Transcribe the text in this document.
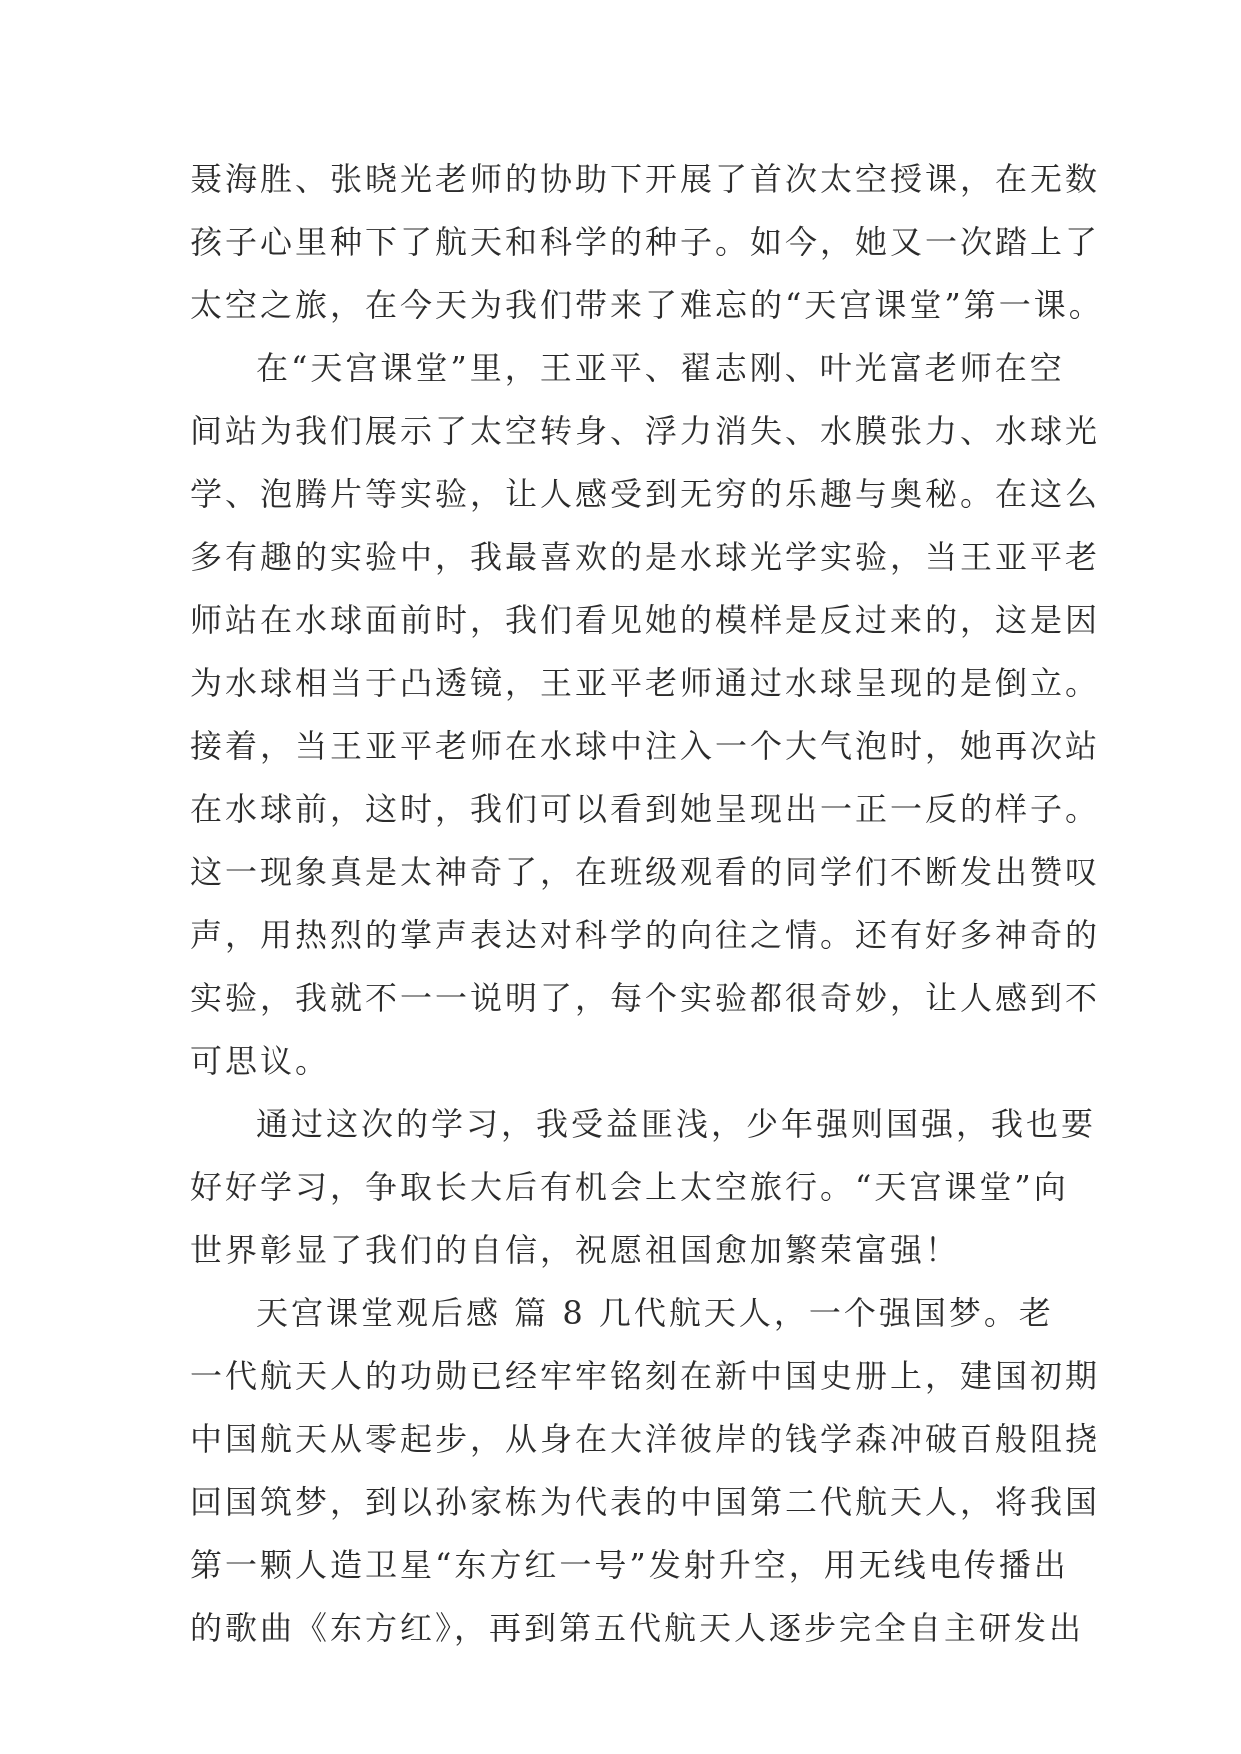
聂海胜、张晓光老师的协助下开展了首次太空授课，在无数
孩子心里种下了航天和科学的种子。如今，她又一次踏上了
太空之旅，在今天为我们带来了难忘的“天宫课堂”第一课。
在“天宫课堂”里，王亚平、翟志刚、叶光富老师在空
间站为我们展示了太空转身、浮力消失、水膜张力、水球光
学、泡腾片等实验，让人感受到无穷的乐趣与奥秘。在这么
多有趣的实验中，我最喜欢的是水球光学实验，当王亚平老
师站在水球面前时，我们看见她的模样是反过来的，这是因
为水球相当于凸透镜，王亚平老师通过水球呈现的是倒立。
接着，当王亚平老师在水球中注入一个大气泡时，她再次站
在水球前，这时，我们可以看到她呈现出一正一反的样子。
这一现象真是太神奇了，在班级观看的同学们不断发出赞叹
声，用热烈的掌声表达对科学的向往之情。还有好多神奇的
实验，我就不一一说明了，每个实验都很奇妙，让人感到不
可思议。
通过这次的学习，我受益匪浅，少年强则国强，我也要
好好学习，争取长大后有机会上太空旅行。“天宫课堂”向
世界彰显了我们的自信，祝愿祖国愈加繁荣富强！
天宫课堂观后感 篇 8 几代航天人，一个强国梦。老
一代航天人的功勋已经牢牢铭刻在新中国史册上，建国初期
中国航天从零起步，从身在大洋彼岸的钱学森冲破百般阻挠
回国筑梦，到以孙家栋为代表的中国第二代航天人，将我国
第一颗人造卫星“东方红一号”发射升空，用无线电传播出
的歌曲《东方红》，再到第五代航天人逐步完全自主研发出
